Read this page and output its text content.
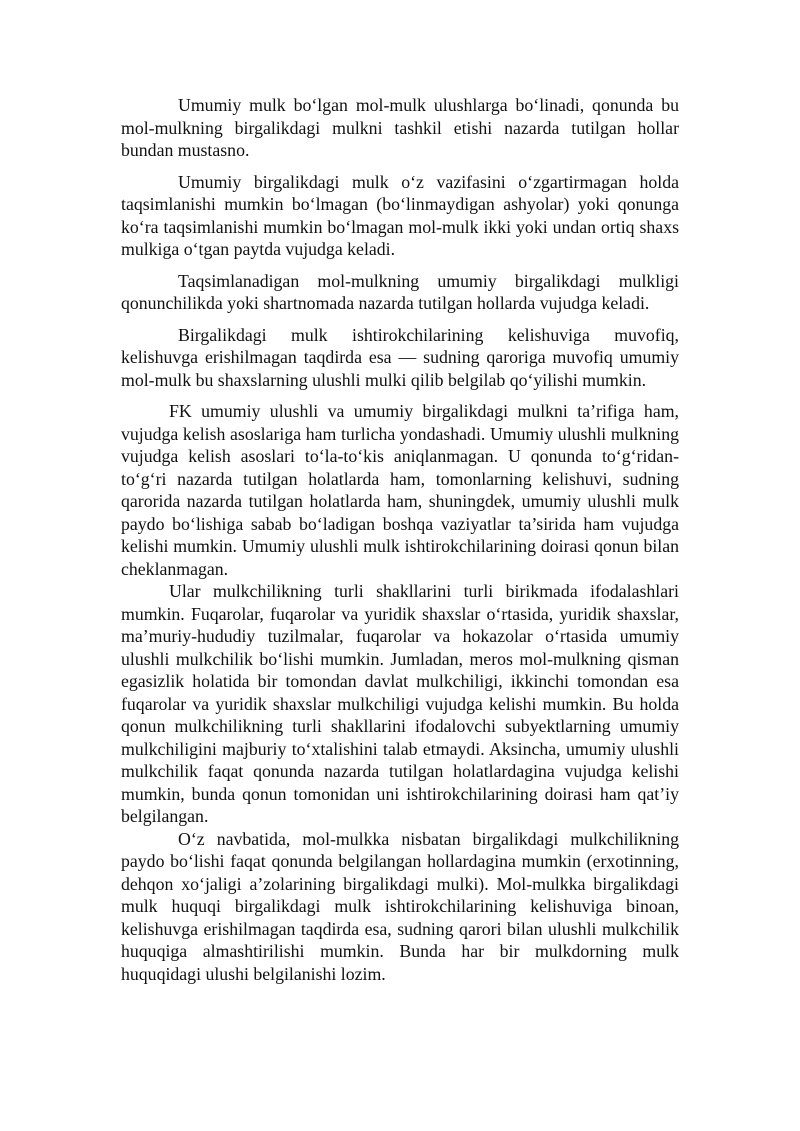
Umumiy mulk bo‘lgan mol-mulk ulushlarga bo‘linadi, qonunda bu mol-mulkning birgalikdagi mulkni tashkil etishi nazarda tutilgan hollar bundan mustasno.

Umumiy birgalikdagi mulk o‘z vazifasini o‘zgartirmagan holda taqsimlanishi mumkin bo‘lmagan (bo‘linmaydigan ashyolar) yoki qonunga ko‘ra taqsimlanishi mumkin bo‘lmagan mol-mulk ikki yoki undan ortiq shaxs mulkiga o‘tgan paytda vujudga keladi.

Taqsimlanadigan mol-mulkning umumiy birgalikdagi mulkligi qonunchilikda yoki shartnomada nazarda tutilgan hollarda vujudga keladi.

Birgalikdagi mulk ishtirokchilarining kelishuviga muvofiq, kelishuvga erishilmagan taqdirda esa — sudning qaroriga muvofiq umumiy mol-mulk bu shaxslarning ulushli mulki qilib belgilab qo‘yilishi mumkin.

FK umumiy ulushli va umumiy birgalikdagi mulkni ta’rifiga ham, vujudga kelish asoslariga ham turlicha yondashadi. Umumiy ulushli mulkning vujudga kelish asoslari to‘la-to‘kis aniqlanmagan. U qonunda to‘g‘ridan-to‘g‘ri nazarda tutilgan holatlarda ham, tomonlarning kelishuvi, sudning qarorida nazarda tutilgan holatlarda ham, shuningdek, umumiy ulushli mulk paydo bo‘lishiga sabab bo‘ladigan boshqa vaziyatlar ta’sirida ham vujudga kelishi mumkin. Umumiy ulushli mulk ishtirokchilarining doirasi qonun bilan cheklanmagan.

Ular mulkchilikning turli shakllarini turli birikmada ifodalashlari mumkin. Fuqarolar, fuqarolar va yuridik shaxslar o‘rtasida, yuridik shaxslar, ma’muriy-hududiy tuzilmalar, fuqarolar va hokazolar o‘rtasida umumiy ulushli mulkchilik bo‘lishi mumkin. Jumladan, meros mol-mulkning qisman egasizlik holatida bir tomondan davlat mulkchiligi, ikkinchi tomondan esa fuqarolar va yuridik shaxslar mulkchiligi vujudga kelishi mumkin. Bu holda qonun mulkchilikning turli shakllarini ifodalovchi subyektlarning umumiy mulkchiligini majburiy to‘xtalishini talab etmaydi. Aksincha, umumiy ulushli mulkchilik faqat qonunda nazarda tutilgan holatlardagina vujudga kelishi mumkin, bunda qonun tomonidan uni ishtirokchilarining doirasi ham qat’iy belgilangan.

O‘z navbatida, mol-mulkka nisbatan birgalikdagi mulkchilikning paydo bo‘lishi faqat qonunda belgilangan hollardagina mumkin (erxotinning, dehqon xo‘jaligi a’zolarining birgalikdagi mulki). Mol-mulkka birgalikdagi mulk huquqi birgalikdagi mulk ishtirokchilarining kelishuviga binoan, kelishuvga erishilmagan taqdirda esa, sudning qarori bilan ulushli mulkchilik huquqiga almashtirilishi mumkin. Bunda har bir mulkdorning mulk huquqidagi ulushi belgilanishi lozim.
